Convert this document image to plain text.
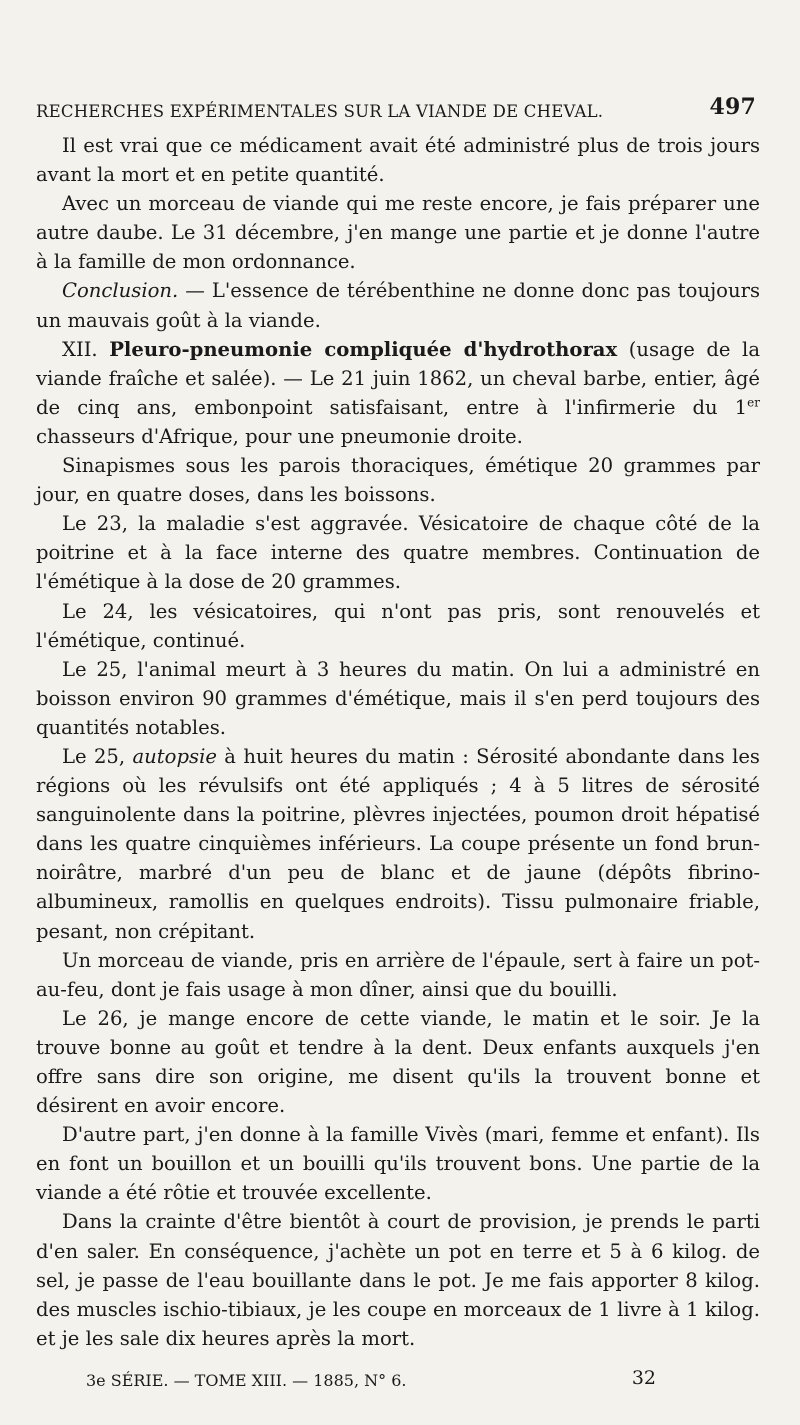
RECHERCHES EXPÉRIMENTALES SUR LA VIANDE DE CHEVAL.	497

Il est vrai que ce médicament avait été administré plus de trois jours avant la mort et en petite quantité.

Avec un morceau de viande qui me reste encore, je fais préparer une autre daube. Le 31 décembre, j'en mange une partie et je donne l'autre à la famille de mon ordonnance.

Conclusion. — L'essence de térébenthine ne donne donc pas toujours un mauvais goût à la viande.

XII. Pleuro-pneumonie compliquée d'hydrothorax (usage de la viande fraîche et salée). — Le 21 juin 1862, un cheval barbe, entier, âgé de cinq ans, embonpoint satisfaisant, entre à l'infirmerie du 1er chasseurs d'Afrique, pour une pneumonie droite.

Sinapismes sous les parois thoraciques, émétique 20 grammes par jour, en quatre doses, dans les boissons.

Le 23, la maladie s'est aggravée. Vésicatoire de chaque côté de la poitrine et à la face interne des quatre membres. Continuation de l'émétique à la dose de 20 grammes.

Le 24, les vésicatoires, qui n'ont pas pris, sont renouvelés et l'émétique, continué.

Le 25, l'animal meurt à 3 heures du matin. On lui a administré en boisson environ 90 grammes d'émétique, mais il s'en perd toujours des quantités notables.

Le 25, autopsie à huit heures du matin : Sérosité abondante dans les régions où les révulsifs ont été appliqués ; 4 à 5 litres de sérosité sanguinolente dans la poitrine, plèvres injectées, poumon droit hépatisé dans les quatre cinquièmes inférieurs. La coupe présente un fond brun-noirâtre, marbré d'un peu de blanc et de jaune (dépôts fibrino-albumineux, ramollis en quelques endroits). Tissu pulmonaire friable, pesant, non crépitant.

Un morceau de viande, pris en arrière de l'épaule, sert à faire un pot-au-feu, dont je fais usage à mon dîner, ainsi que du bouilli.

Le 26, je mange encore de cette viande, le matin et le soir. Je la trouve bonne au goût et tendre à la dent. Deux enfants auxquels j'en offre sans dire son origine, me disent qu'ils la trouvent bonne et désirent en avoir encore.

D'autre part, j'en donne à la famille Vivès (mari, femme et enfant). Ils en font un bouillon et un bouilli qu'ils trouvent bons. Une partie de la viande a été rôtie et trouvée excellente.

Dans la crainte d'être bientôt à court de provision, je prends le parti d'en saler. En conséquence, j'achète un pot en terre et 5 à 6 kilog. de sel, je passe de l'eau bouillante dans le pot. Je me fais apporter 8 kilog. des muscles ischio-tibiaux, je les coupe en morceaux de 1 livre à 1 kilog. et je les sale dix heures après la mort.

3e SÉRIE. — TOME XIII. — 1885, N° 6.	32
